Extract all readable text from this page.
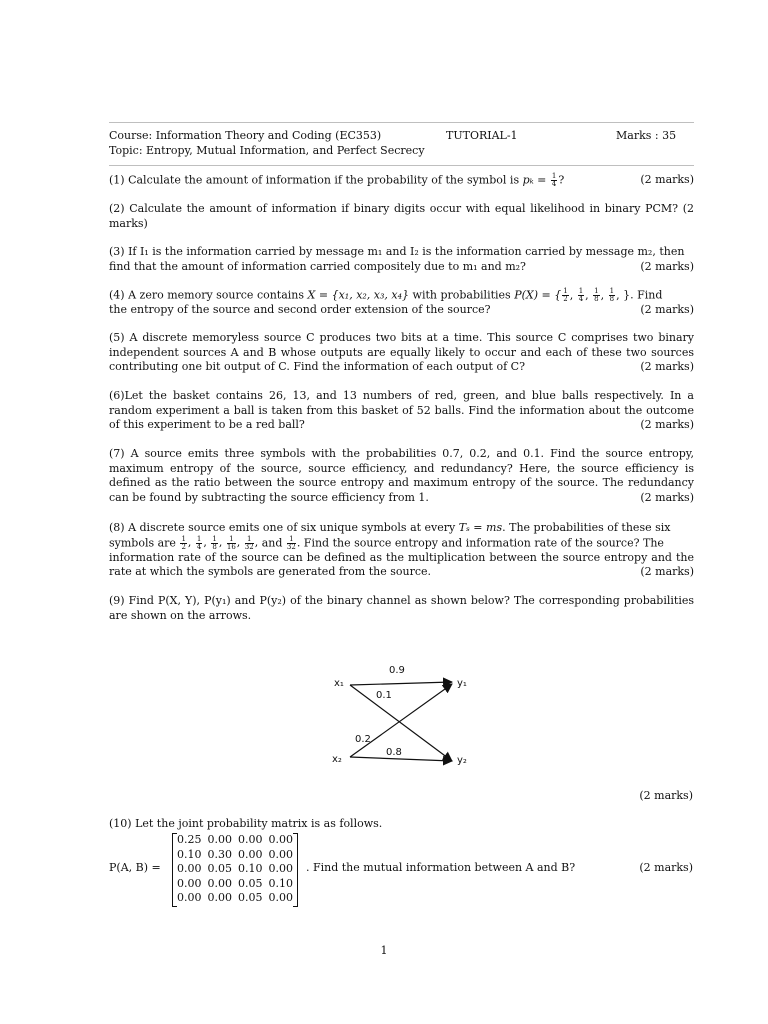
Course: Information Theory and Coding (EC353)	TUTORIAL-1	Marks : 35
Topic: Entropy, Mutual Information, and Perfect Secrecy
(2 marks)
(1) Calculate the amount of information if the probability of the symbol is $p_k = \frac{1}{4}$ ?
(2) Calculate the amount of information if binary digits occur with equal likelihood in binary PCM? (2 marks)
(3) If I₁ is the information carried by message m₁ and I₂ is the information carried by message m₂, then
(2 marks)
find that the amount of information carried compositely due to m₁ and m₂?
(4) A zero memory source contains X = {x₁, x₂, x₃, x₄} with probabilities P(X) = { $\frac{1}{2}$ , $\frac{1}{4}$ , $\frac{1}{8}$ , $\frac{1}{8}$ , }. Find
(2 marks)
the entropy of the source and second order extension of the source?
(5) A discrete memoryless source C produces two bits at a time. This source C comprises two binary independent sources A and B whose outputs are equally likely to occur and each of these two sources contributing one bit output of C. Find the information of each output of C?	(2 marks)
(6)Let the basket contains 26, 13, and 13 numbers of red, green, and blue balls respectively. In a random experiment a ball is taken from this basket of 52 balls. Find the information about the outcome of this experiment to be a red ball?	(2 marks)
(7) A source emits three symbols with the probabilities 0.7, 0.2, and 0.1. Find the source entropy, maximum entropy of the source, source efficiency, and redundancy? Here, the source efficiency is defined as the ratio between the source entropy and maximum entropy of the source. The redundancy can be found by subtracting the source efficiency from 1.	(2 marks)
(8) A discrete source emits one of six unique symbols at every Tₛ = ms. The probabilities of these six
symbols are $\frac{1}{2}$ , $\frac{1}{4}$ , $\frac{1}{8}$ , $\frac{1}{16}$ , $\frac{1}{32}$ , and $\frac{1}{32}$ . Find the source entropy and information rate of the source? The
information rate of the source can be defined as the multiplication between the source entropy and the rate at which the symbols are generated from the source.	(2 marks)
(9) Find P(X, Y), P(y₁) and P(y₂) of the binary channel as shown below? The corresponding probabilities are shown on the arrows.
x₁
x₂
y₁
y₂
0.9
0.1
0.2
0.8
(2 marks)
(10) Let the joint probability matrix is as follows.
P(A, B) =
0.25	0.00	0.00	0.00
0.10	0.30	0.00	0.00
0.00	0.05	0.10	0.00
0.00	0.00	0.05	0.10
0.00	0.00	0.05	0.00
. Find the mutual information between A and B?	(2 marks)
1
